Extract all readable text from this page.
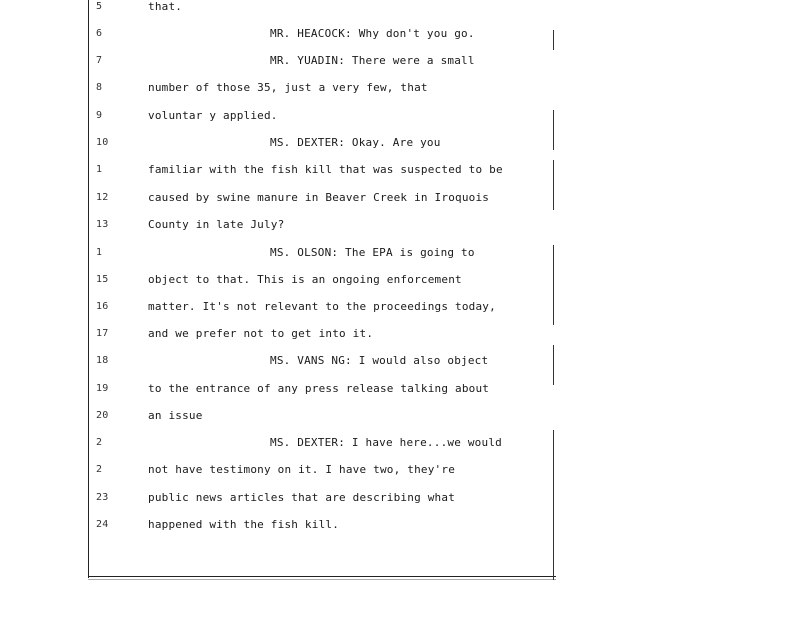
5	that.
6	MR. HEACOCK: Why don't you go.
7	MR. YUADIN: There were a small
8	number of those 35, just a very few, that
9	voluntar y applied.
10	MS. DEXTER: Okay. Are you
1	familiar with the fish kill that was suspected to be
12	caused by swine manure in Beaver Creek in Iroquois
13	County in late July?
1	MS. OLSON: The EPA is going to
15	object to that. This is an ongoing enforcement
16	matter. It's not relevant to the proceedings today,
17	and we prefer not to get into it.
18	MS. VANS NG: I would also object
19	to the entrance of any press release talking about
20	an issue
2	MS. DEXTER: I have here...we would
2	not have testimony on it. I have two, they're
23	public news articles that are describing what
24	happened with the fish kill.
